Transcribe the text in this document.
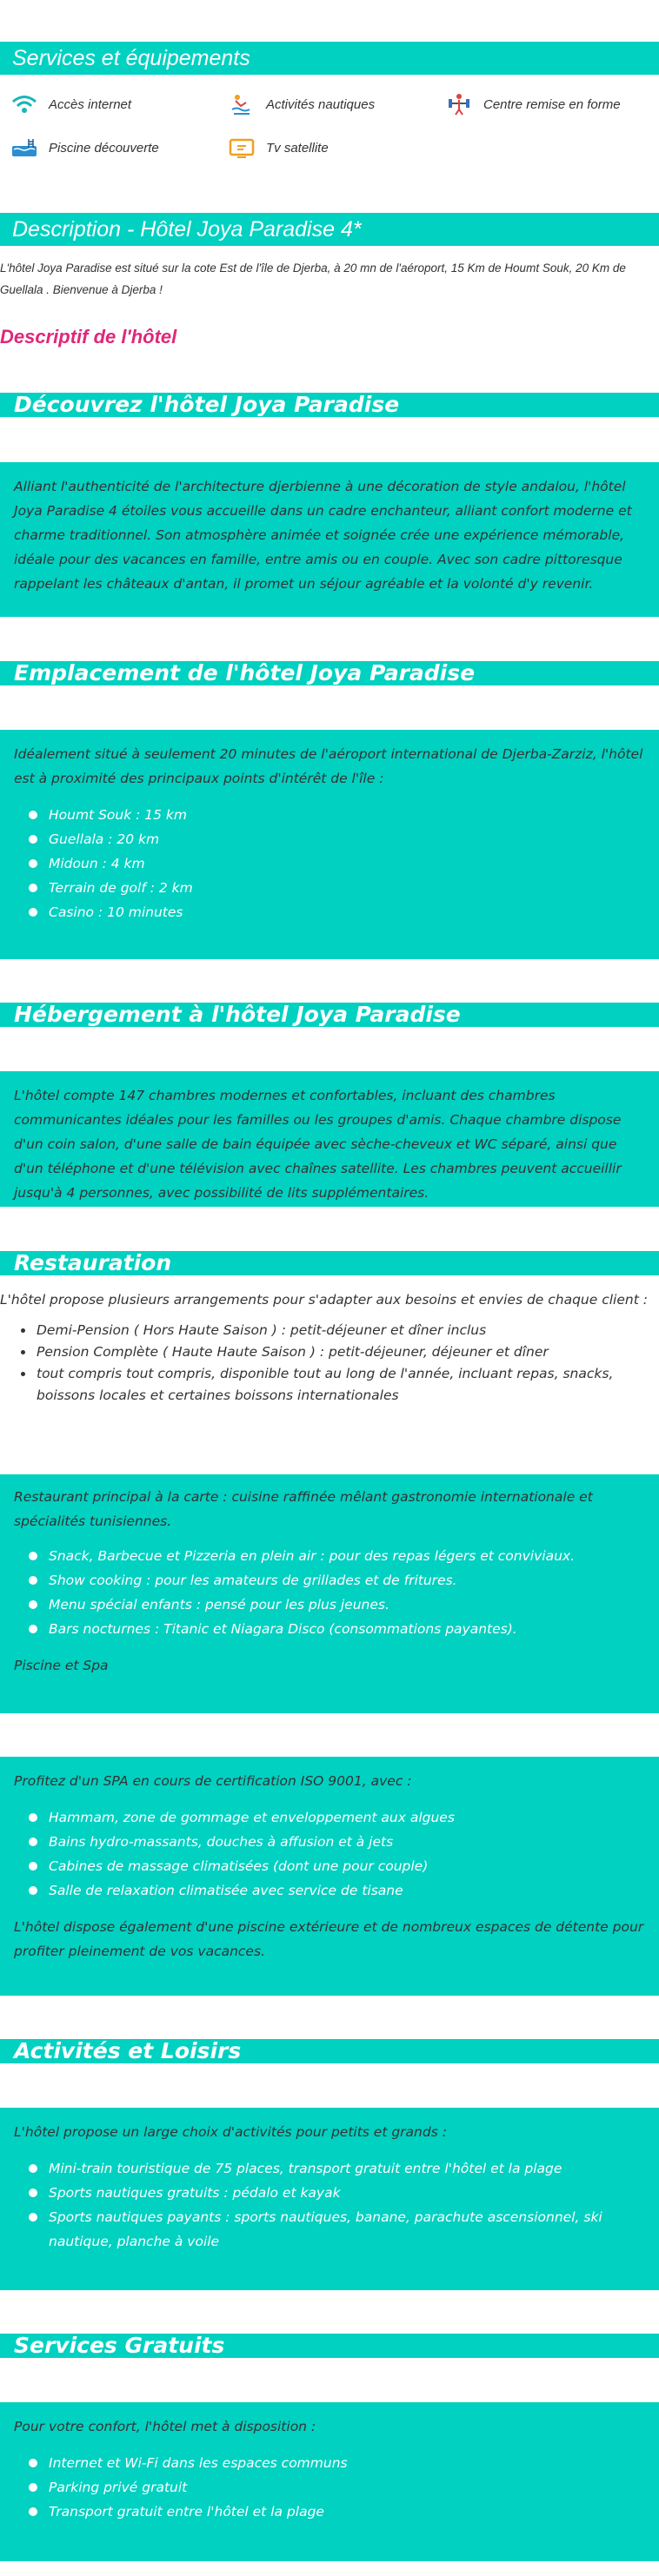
Services et équipements
Accès internet	Activités nautiques	Centre remise en forme
Piscine découverte	Tv satellite
Description - Hôtel Joya Paradise 4*
L'hôtel Joya Paradise est situé sur la cote Est de l'île de Djerba, à 20 mn de l'aéroport, 15 Km de Houmt Souk, 20 Km de Guellala . Bienvenue à Djerba !
Descriptif de l'hôtel
Découvrez l'hôtel Joya Paradise

Alliant l'authenticité de l'architecture djerbienne à une décoration de style andalou, l'hôtel Joya Paradise 4 étoiles vous accueille dans un cadre enchanteur, alliant confort moderne et charme traditionnel. Son atmosphère animée et soignée crée une expérience mémorable, idéale pour des vacances en famille, entre amis ou en couple. Avec son cadre pittoresque rappelant les châteaux d'antan, il promet un séjour agréable et la volonté d'y revenir.

Emplacement de l'hôtel Joya Paradise

Idéalement situé à seulement 20 minutes de l'aéroport international de Djerba-Zarziz, l'hôtel est à proximité des principaux points d'intérêt de l'île :

Houmt Souk : 15 km
Guellala : 20 km
Midoun : 4 km
Terrain de golf : 2 km
Casino : 10 minutes
Hébergement à l'hôtel Joya Paradise

L'hôtel compte 147 chambres modernes et confortables, incluant des chambres communicantes idéales pour les familles ou les groupes d'amis. Chaque chambre dispose d'un coin salon, d'une salle de bain équipée avec sèche-cheveux et WC séparé, ainsi que d'un téléphone et d'une télévision avec chaînes satellite. Les chambres peuvent accueillir jusqu'à 4 personnes, avec possibilité de lits supplémentaires.

Restauration
L'hôtel propose plusieurs arrangements pour s'adapter aux besoins et envies de chaque client :
• Demi-Pension ( Hors Haute Saison ) : petit-déjeuner et dîner inclus
• Pension Complète ( Haute Haute Saison ) : petit-déjeuner, déjeuner et dîner
• tout compris tout compris, disponible tout au long de l'année, incluant repas, snacks, boissons locales et certaines boissons internationales

Restaurant principal à la carte : cuisine raffinée mêlant gastronomie internationale et spécialités tunisiennes.

Snack, Barbecue et Pizzeria en plein air : pour des repas légers et conviviaux.
Show cooking : pour les amateurs de grillades et de fritures.
Menu spécial enfants : pensé pour les plus jeunes.
Bars nocturnes : Titanic et Niagara Disco (consommations payantes).

Piscine et Spa

Profitez d'un SPA en cours de certification ISO 9001, avec :

Hammam, zone de gommage et enveloppement aux algues
Bains hydro-massants, douches à affusion et à jets
Cabines de massage climatisées (dont une pour couple)
Salle de relaxation climatisée avec service de tisane

L'hôtel dispose également d'une piscine extérieure et de nombreux espaces de détente pour profiter pleinement de vos vacances.

Activités et Loisirs

L'hôtel propose un large choix d'activités pour petits et grands :

Mini-train touristique de 75 places, transport gratuit entre l'hôtel et la plage
Sports nautiques gratuits : pédalo et kayak
Sports nautiques payants : sports nautiques, banane, parachute ascensionnel, ski nautique, planche à voile
Services Gratuits

Pour votre confort, l'hôtel met à disposition :

Internet et Wi-Fi dans les espaces communs
Parking privé gratuit
Transport gratuit entre l'hôtel et la plage
